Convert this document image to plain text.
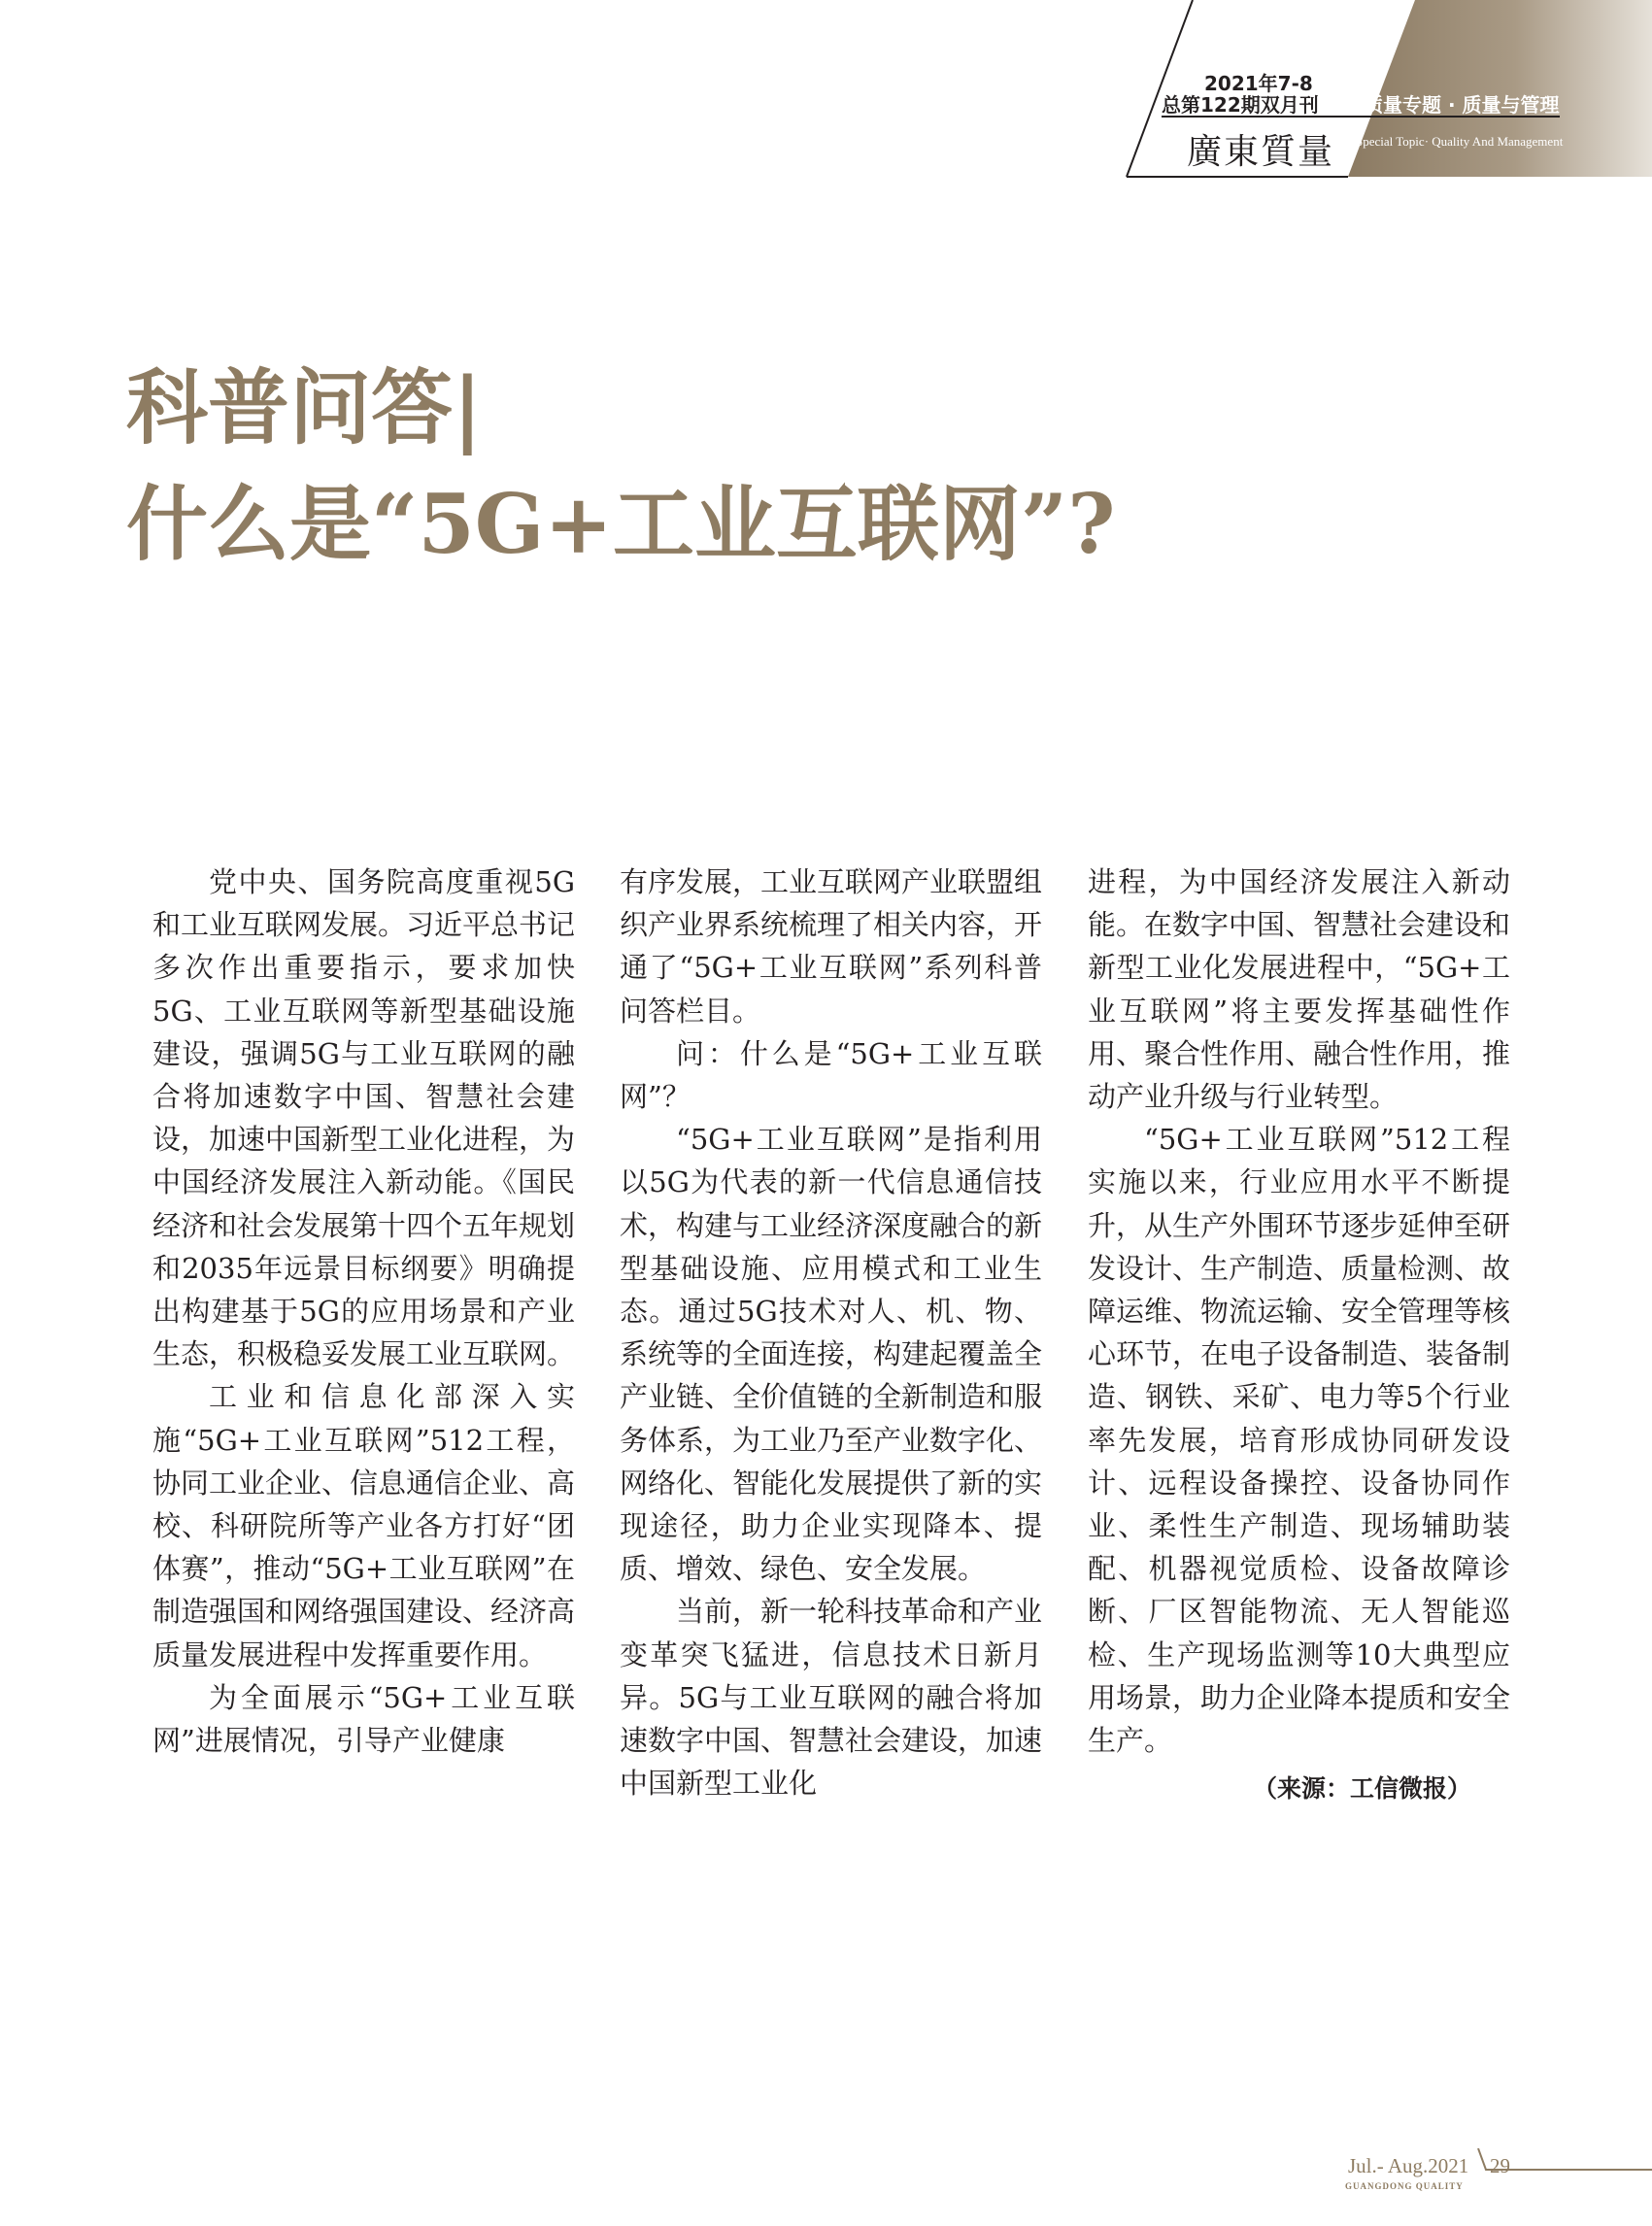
2021年7-8
总第122期双月刊 质量专题 · 质量与管理
廣東質量 Special Topic· Quality And Management
科普问答|
什么是“5G+工业互联网”?

党中央、国务院高度重视5G和工业互联网发展。习近平总书记多次作出重要指示，要求加快5G、工业互联网等新型基础设施建设，强调5G与工业互联网的融合将加速数字中国、智慧社会建设，加速中国新型工业化进程，为中国经济发展注入新动能。《国民经济和社会发展第十四个五年规划和2035年远景目标纲要》明确提出构建基于5G的应用场景和产业生态，积极稳妥发展工业互联网。

工业和信息化部深入实施“5G+工业互联网”512工程，协同工业企业、信息通信企业、高校、科研院所等产业各方打好“团体赛”，推动“5G+工业互联网”在制造强国和网络强国建设、经济高质量发展进程中发挥重要作用。

为全面展示“5G+工业互联网”进展情况，引导产业健康

有序发展，工业互联网产业联盟组织产业界系统梳理了相关内容，开通了“5G+工业互联网”系列科普问答栏目。

问：什么是“5G+工业互联网”？

“5G+工业互联网”是指利用以5G为代表的新一代信息通信技术，构建与工业经济深度融合的新型基础设施、应用模式和工业生态。通过5G技术对人、机、物、系统等的全面连接，构建起覆盖全产业链、全价值链的全新制造和服务体系，为工业乃至产业数字化、网络化、智能化发展提供了新的实现途径，助力企业实现降本、提质、增效、绿色、安全发展。

当前，新一轮科技革命和产业变革突飞猛进，信息技术日新月异。5G与工业互联网的融合将加速数字中国、智慧社会建设，加速中国新型工业化

进程，为中国经济发展注入新动能。在数字中国、智慧社会建设和新型工业化发展进程中，“5G+工业互联网”将主要发挥基础性作用、聚合性作用、融合性作用，推动产业升级与行业转型。

“5G+工业互联网”512工程实施以来，行业应用水平不断提升，从生产外围环节逐步延伸至研发设计、生产制造、质量检测、故障运维、物流运输、安全管理等核心环节，在电子设备制造、装备制造、钢铁、采矿、电力等5个行业率先发展，培育形成协同研发设计、远程设备操控、设备协同作业、柔性生产制造、现场辅助装配、机器视觉质检、设备故障诊断、厂区智能物流、无人智能巡检、生产现场监测等10大典型应用场景，助力企业降本提质和安全生产。

（来源：工信微报）
Jul.- Aug.2021
GUANGDONG QUALITY
29
